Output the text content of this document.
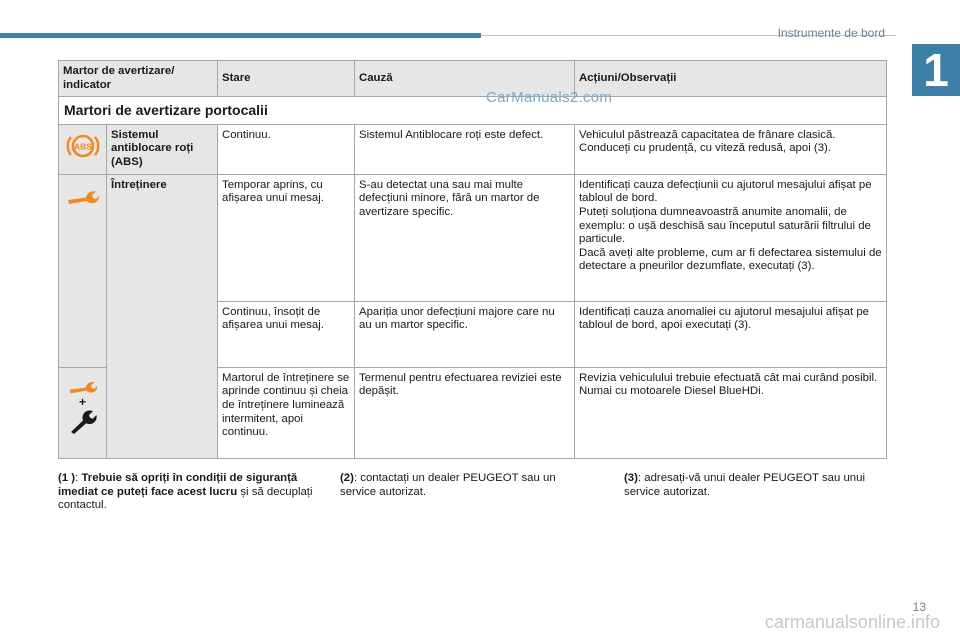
Instrumente de bord
1
Martor de avertizare/ indicator		Stare	Cauză	Acțiuni/Observații
Martori de avertizare portocalii				

ABS	Sistemul antiblocare roți (ABS)	Continuu.	Sistemul Antiblocare roți este defect.	Vehiculul păstrează capacitatea de frânare clasică. Conduceți cu prudență, cu viteză redusă, apoi (3).

	Întreținere	Temporar aprins, cu afișarea unui mesaj.	S-au detectat una sau mai multe defecțiuni minore, fără un martor de avertizare specific.	Identificați cauza defecțiunii cu ajutorul mesajului afișat pe tabloul de bord.
Puteți soluționa dumneavoastră anumite anomalii, de exemplu: o ușă deschisă sau începutul saturării filtrului de particule.
Dacă aveți alte probleme, cum ar fi defectarea sistemului de detectare a pneurilor dezumflate, executați (3).
		Continuu, însoțit de afișarea unui mesaj.	Apariția unor defecțiuni majore care nu au un martor specific.	Identificați cauza anomaliei cu ajutorul mesajului afișat pe tabloul de bord, apoi executați (3).

+		Martorul de întreținere se aprinde continuu și cheia de întreținere luminează intermitent, apoi continuu.	Termenul pentru efectuarea reviziei este depășit.	Revizia vehiculului trebuie efectuată cât mai curând posibil.
Numai cu motoarele Diesel BlueHDi.
CarManuals2.com
(1 ): Trebuie să opriți în condiții de siguranță imediat ce puteți face acest lucru și să decuplați contactul.
(2): contactați un dealer PEUGEOT sau un service autorizat.
(3): adresați-vă unui dealer PEUGEOT sau unui service autorizat.
carmanualsonline.info
13
